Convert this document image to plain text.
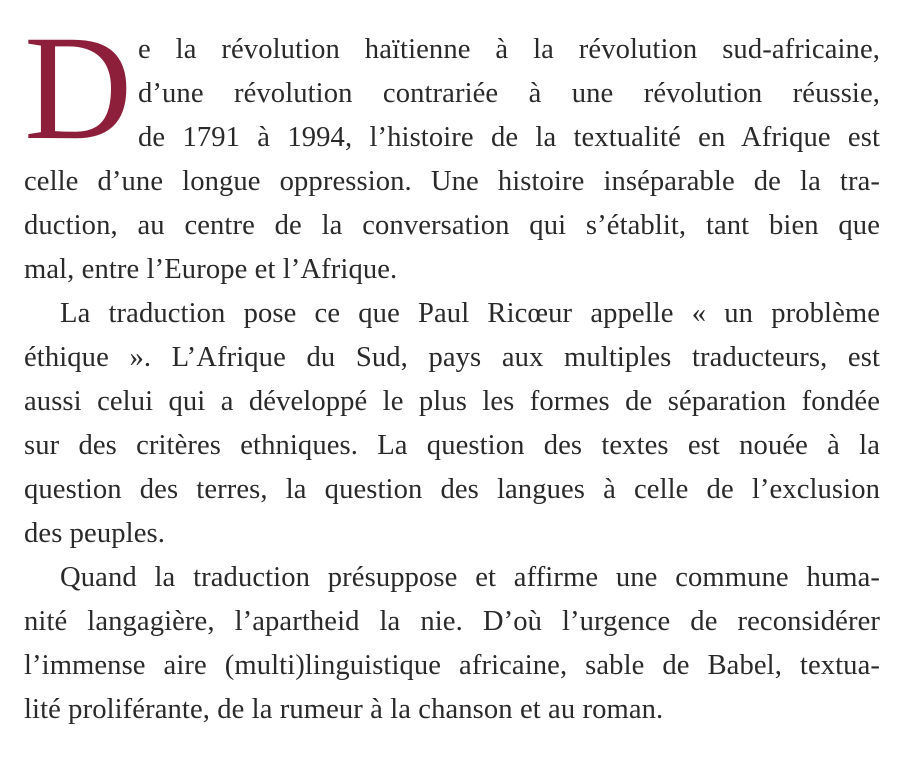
D e la révolution haïtienne à la révolution sud-africaine,
d’une révolution contrariée à une révolution réussie,
de 1791 à 1994, l’histoire de la textualité en Afrique est
celle d’une longue oppression. Une histoire inséparable de la tra-
duction, au centre de la conversation qui s’établit, tant bien que
mal, entre l’Europe et l’Afrique.
La traduction pose ce que Paul Ricœur appelle « un problème
éthique ». L’Afrique du Sud, pays aux multiples traducteurs, est
aussi celui qui a développé le plus les formes de séparation fondée
sur des critères ethniques. La question des textes est nouée à la
question des terres, la question des langues à celle de l’exclusion
des peuples.
Quand la traduction présuppose et affirme une commune huma-
nité langagière, l’apartheid la nie. D’où l’urgence de reconsidérer
l’immense aire (multi)linguistique africaine, sable de Babel, textua-
lité proliférante, de la rumeur à la chanson et au roman.
